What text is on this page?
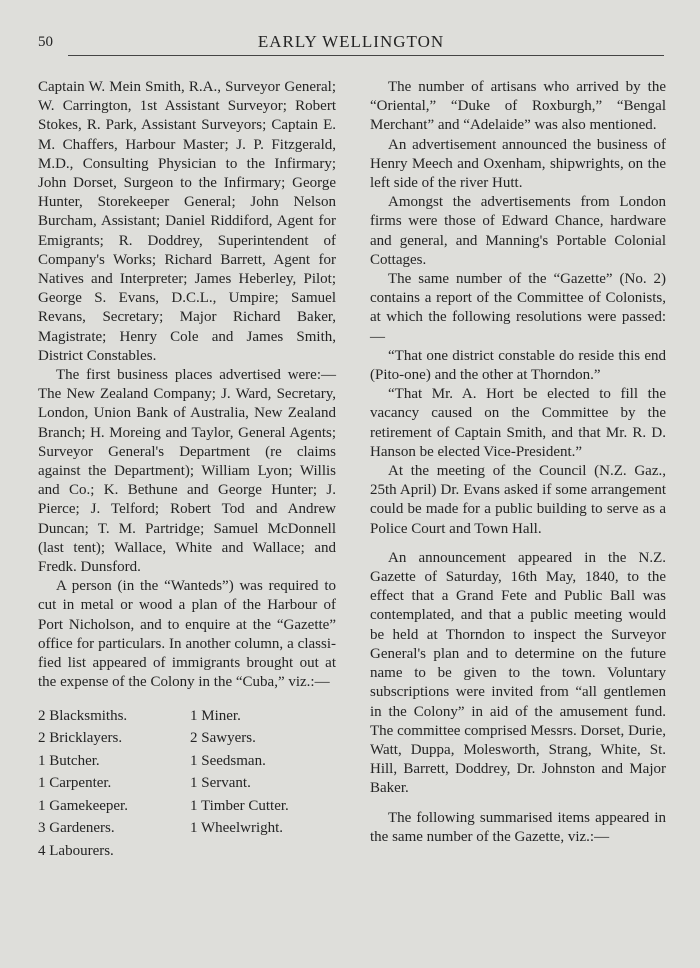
50	EARLY WELLINGTON

Captain W. Mein Smith, R.A., Surveyor General; W. Carrington, 1st Assistant Surveyor; Robert Stokes, R. Park, Assistant Surveyors; Captain E. M. Chaffers, Harbour Master; J. P. Fitzgerald, M.D., Consulting Physician to the Infirmary; John Dorset, Surgeon to the Infirmary; George Hunter, Storekeeper General; John Nelson Burcham, Assistant; Daniel Riddiford, Agent for Emigrants; R. Doddrey, Superintendent of Company's Works; Richard Barrett, Agent for Natives and Interpreter; James Heberley, Pilot; George S. Evans, D.C.L., Umpire; Samuel Revans, Secretary; Major Richard Baker, Magistrate; Henry Cole and James Smith, District Constables.

The first business places advertised were:—The New Zealand Company; J. Ward, Secretary, London, Union Bank of Australia, New Zealand Branch; H. Moreing and Taylor, General Agents; Surveyor General's Department (re claims against the Department); William Lyon; Willis and Co.; K. Bethune and George Hunter; J. Pierce; J. Telford; Robert Tod and Andrew Duncan; T. M. Partridge; Samuel McDonnell (last tent); Wallace, White and Wallace; and Fredk. Dunsford.

A person (in the “Wanteds”) was required to cut in metal or wood a plan of the Harbour of Port Nicholson, and to enquire at the “Gazette” office for particulars. In another column, a classified list appeared of immigrants brought out at the expense of the Colony in the “Cuba,” viz.:—

2 Blacksmiths.
2 Bricklayers.
1 Butcher.
1 Carpenter.
1 Gamekeeper.
3 Gardeners.
4 Labourers.
1 Miner.
2 Sawyers.
1 Seedsman.
1 Servant.
1 Timber Cutter.
1 Wheelwright.

The number of artisans who arrived by the “Oriental,” “Duke of Roxburgh,” “Bengal Merchant” and “Adelaide” was also mentioned.

An advertisement announced the business of Henry Meech and Oxenham, shipwrights, on the left side of the river Hutt.

Amongst the advertisements from London firms were those of Edward Chance, hardware and general, and Manning's Portable Colonial Cottages.

The same number of the “Gazette” (No. 2) contains a report of the Committee of Colonists, at which the following resolutions were passed:—

“That one district constable do reside this end (Pito-one) and the other at Thorndon.”

“That Mr. A. Hort be elected to fill the vacancy caused on the Committee by the retirement of Captain Smith, and that Mr. R. D. Hanson be elected Vice-President.”

At the meeting of the Council (N.Z. Gaz., 25th April) Dr. Evans asked if some arrangement could be made for a public building to serve as a Police Court and Town Hall.

An announcement appeared in the N.Z. Gazette of Saturday, 16th May, 1840, to the effect that a Grand Fete and Public Ball was contemplated, and that a public meeting would be held at Thorndon to inspect the Surveyor General's plan and to determine on the future name to be given to the town. Voluntary subscriptions were invited from “all gentlemen in the Colony” in aid of the amusement fund. The committee comprised Messrs. Dorset, Durie, Watt, Duppa, Molesworth, Strang, White, St. Hill, Barrett, Doddrey, Dr. Johnston and Major Baker.

The following summarised items appeared in the same number of the Gazette, viz.:—
